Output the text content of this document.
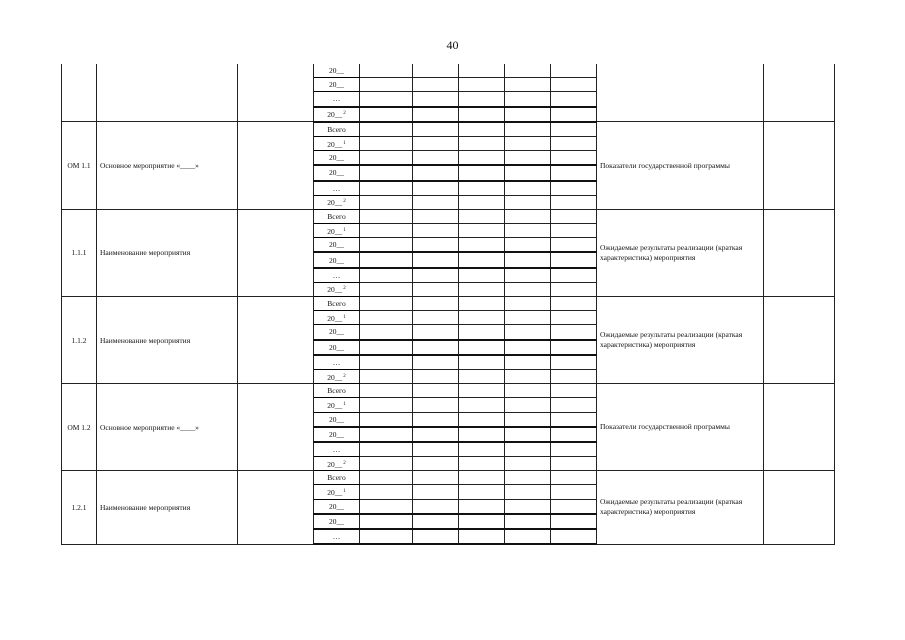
40
			20__							
			20__							
			…							
			20__$^2$					
ОМ 1.1	Основное мероприятие «____»		Всего						Показатели государственной программы	
			20__$^1$					
			20__							
			20__							
			…							
			20__$^2$					
1.1.1	Наименование мероприятия		Всего						Ожидаемые результаты реализации (краткая характеристика) мероприятия	
			20__$^1$					
			20__							
			20__							
			…							
			20__$^2$					
1.1.2	Наименование мероприятия		Всего						Ожидаемые результаты реализации (краткая характеристика) мероприятия	
			20__$^1$					
			20__							
			20__							
			…							
			20__$^2$					
ОМ 1.2	Основное мероприятие «____»		Всего						Показатели государственной программы	
			20__$^1$					
			20__							
			20__							
			…							
			20__$^2$					
1.2.1	Наименование мероприятия		Всего						Ожидаемые результаты реализации (краткая характеристика) мероприятия	
			20__$^1$					
			20__							
			20__							
			…							
